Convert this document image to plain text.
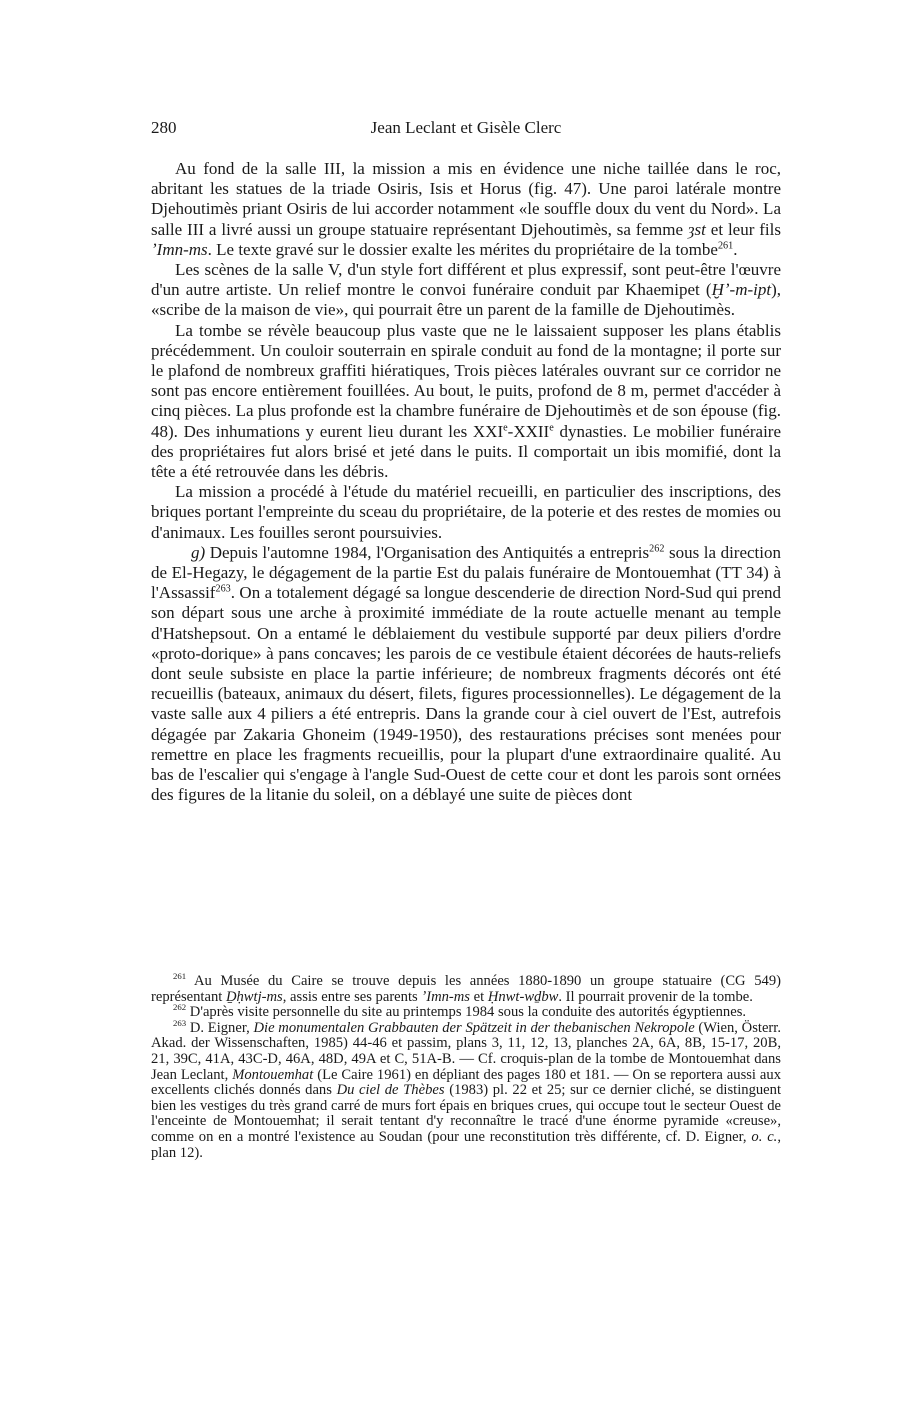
280	Jean Leclant et Gisèle Clerc

Au fond de la salle III, la mission a mis en évidence une niche taillée dans le roc, abritant les statues de la triade Osiris, Isis et Horus (fig. 47). Une paroi latérale montre Djehoutimès priant Osiris de lui accorder notamment «le souffle doux du vent du Nord». La salle III a livré aussi un groupe statuaire représentant Djehoutimès, sa femme ȝst et leur fils ʼImn-ms. Le texte gravé sur le dossier exalte les mérites du propriétaire de la tombe$^{261}$.

Les scènes de la salle V, d'un style fort différent et plus expressif, sont peut-être l'œuvre d'un autre artiste. Un relief montre le convoi funéraire conduit par Khaemipet (Ḫʼ-m-ipt), «scribe de la maison de vie», qui pourrait être un parent de la famille de Djehoutimès.

La tombe se révèle beaucoup plus vaste que ne le laissaient supposer les plans établis précédemment. Un couloir souterrain en spirale conduit au fond de la montagne; il porte sur le plafond de nombreux graffiti hiératiques, Trois pièces latérales ouvrant sur ce corridor ne sont pas encore entièrement fouillées. Au bout, le puits, profond de 8 m, permet d'accéder à cinq pièces. La plus profonde est la chambre funéraire de Djehoutimès et de son épouse (fig. 48). Des inhumations y eurent lieu durant les XXIe-XXIIe dynasties. Le mobilier funéraire des propriétaires fut alors brisé et jeté dans le puits. Il comportait un ibis momifié, dont la tête a été retrouvée dans les débris.

La mission a procédé à l'étude du matériel recueilli, en particulier des inscriptions, des briques portant l'empreinte du sceau du propriétaire, de la poterie et des restes de momies ou d'animaux. Les fouilles seront poursuivies.

g) Depuis l'automne 1984, l'Organisation des Antiquités a entrepris$^{262}$ sous la direction de El-Hegazy, le dégagement de la partie Est du palais funéraire de Montouemhat (TT 34) à l'Assassif$^{263}$. On a totalement dégagé sa longue descenderie de direction Nord-Sud qui prend son départ sous une arche à proximité immédiate de la route actuelle menant au temple d'Hatshepsout. On a entamé le déblaiement du vestibule supporté par deux piliers d'ordre «proto-dorique» à pans concaves; les parois de ce vestibule étaient décorées de hauts-reliefs dont seule subsiste en place la partie inférieure; de nombreux fragments décorés ont été recueillis (bateaux, animaux du désert, filets, figures processionnelles). Le dégagement de la vaste salle aux 4 piliers a été entrepris. Dans la grande cour à ciel ouvert de l'Est, autrefois dégagée par Zakaria Ghoneim (1949-1950), des restaurations précises sont menées pour remettre en place les fragments recueillis, pour la plupart d'une extraordinaire qualité. Au bas de l'escalier qui s'engage à l'angle Sud-Ouest de cette cour et dont les parois sont ornées des figures de la litanie du soleil, on a déblayé une suite de pièces dont

$^{261}$ Au Musée du Caire se trouve depuis les années 1880-1890 un groupe statuaire (CG 549) représentant Ḏḥwtj-ms, assis entre ses parents ʼImn-ms et Ḥnwt-wḏbw. Il pourrait provenir de la tombe.

$^{262}$ D'après visite personnelle du site au printemps 1984 sous la conduite des autorités égyptiennes.

$^{263}$ D. Eigner, Die monumentalen Grabbauten der Spätzeit in der thebanischen Nekropole (Wien, Österr. Akad. der Wissenschaften, 1985) 44-46 et passim, plans 3, 11, 12, 13, planches 2A, 6A, 8B, 15-17, 20B, 21, 39C, 41A, 43C-D, 46A, 48D, 49A et C, 51A-B. — Cf. croquis-plan de la tombe de Montouemhat dans Jean Leclant, Montouemhat (Le Caire 1961) en dépliant des pages 180 et 181. — On se reportera aussi aux excellents clichés donnés dans Du ciel de Thèbes (1983) pl. 22 et 25; sur ce dernier cliché, se distinguent bien les vestiges du très grand carré de murs fort épais en briques crues, qui occupe tout le secteur Ouest de l'enceinte de Montouemhat; il serait tentant d'y reconnaître le tracé d'une énorme pyramide «creuse», comme on en a montré l'existence au Soudan (pour une reconstitution très différente, cf. D. Eigner, o. c., plan 12).
